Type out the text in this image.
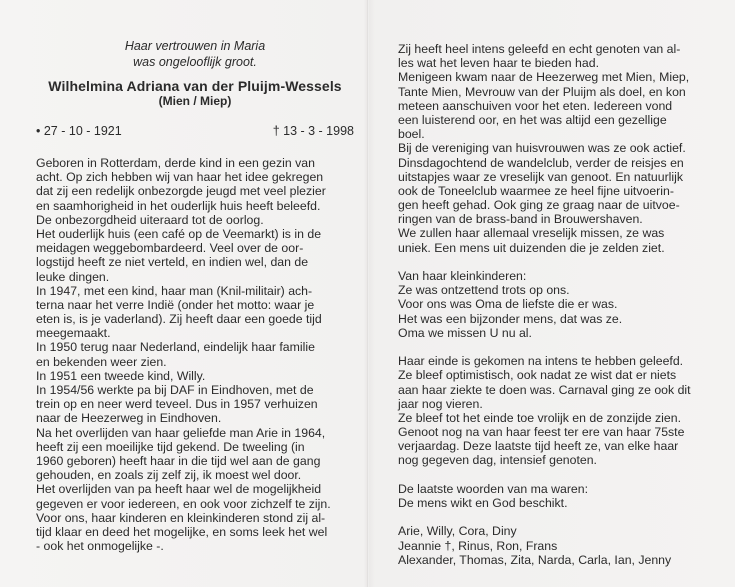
Haar vertrouwen in Maria
was ongelooflijk groot.
Wilhelmina Adriana van der Pluijm-Wessels
(Mien / Miep)
• 27 - 10 - 1921	† 13 - 3 - 1998
Geboren in Rotterdam, derde kind in een gezin van
acht. Op zich hebben wij van haar het idee gekregen
dat zij een redelijk onbezorgde jeugd met veel plezier
en saamhorigheid in het ouderlijk huis heeft beleefd.
De onbezorgdheid uiteraard tot de oorlog.
Het ouderlijk huis (een café op de Veemarkt) is in de
meidagen weggebombardeerd. Veel over de oor-
logstijd heeft ze niet verteld, en indien wel, dan de
leuke dingen.
In 1947, met een kind, haar man (Knil-militair) ach-
terna naar het verre Indië (onder het motto: waar je
eten is, is je vaderland). Zij heeft daar een goede tijd
meegemaakt.
In 1950 terug naar Nederland, eindelijk haar familie
en bekenden weer zien.
In 1951 een tweede kind, Willy.
In 1954/56 werkte pa bij DAF in Eindhoven, met de
trein op en neer werd teveel. Dus in 1957 verhuizen
naar de Heezerweg in Eindhoven.
Na het overlijden van haar geliefde man Arie in 1964,
heeft zij een moeilijke tijd gekend. De tweeling (in
1960 geboren) heeft haar in die tijd wel aan de gang
gehouden, en zoals zij zelf zij, ik moest wel door.
Het overlijden van pa heeft haar wel de mogelijkheid
gegeven er voor iedereen, en ook voor zichzelf te zijn.
Voor ons, haar kinderen en kleinkinderen stond zij al-
tijd klaar en deed het mogelijke, en soms leek het wel
- ook het onmogelijke -.
Zij heeft heel intens geleefd en echt genoten van al-
les wat het leven haar te bieden had.
Menigeen kwam naar de Heezerweg met Mien, Miep,
Tante Mien, Mevrouw van der Pluijm als doel, en kon
meteen aanschuiven voor het eten. Iedereen vond
een luisterend oor, en het was altijd een gezellige
boel.
Bij de vereniging van huisvrouwen was ze ook actief.
Dinsdagochtend de wandelclub, verder de reisjes en
uitstapjes waar ze vreselijk van genoot. En natuurlijk
ook de Toneelclub waarmee ze heel fijne uitvoerin-
gen heeft gehad. Ook ging ze graag naar de uitvoe-
ringen van de brass-band in Brouwershaven.
We zullen haar allemaal vreselijk missen, ze was
uniek. Een mens uit duizenden die je zelden ziet.
Van haar kleinkinderen:
Ze was ontzettend trots op ons.
Voor ons was Oma de liefste die er was.
Het was een bijzonder mens, dat was ze.
Oma we missen U nu al.
Haar einde is gekomen na intens te hebben geleefd.
Ze bleef optimistisch, ook nadat ze wist dat er niets
aan haar ziekte te doen was. Carnaval ging ze ook dit
jaar nog vieren.
Ze bleef tot het einde toe vrolijk en de zonzijde zien.
Genoot nog na van haar feest ter ere van haar 75ste
verjaardag. Deze laatste tijd heeft ze, van elke haar
nog gegeven dag, intensief genoten.
De laatste woorden van ma waren:
De mens wikt en God beschikt.
Arie, Willy, Cora, Diny
Jeannie †, Rinus, Ron, Frans
Alexander, Thomas, Zita, Narda, Carla, Ian, Jenny
